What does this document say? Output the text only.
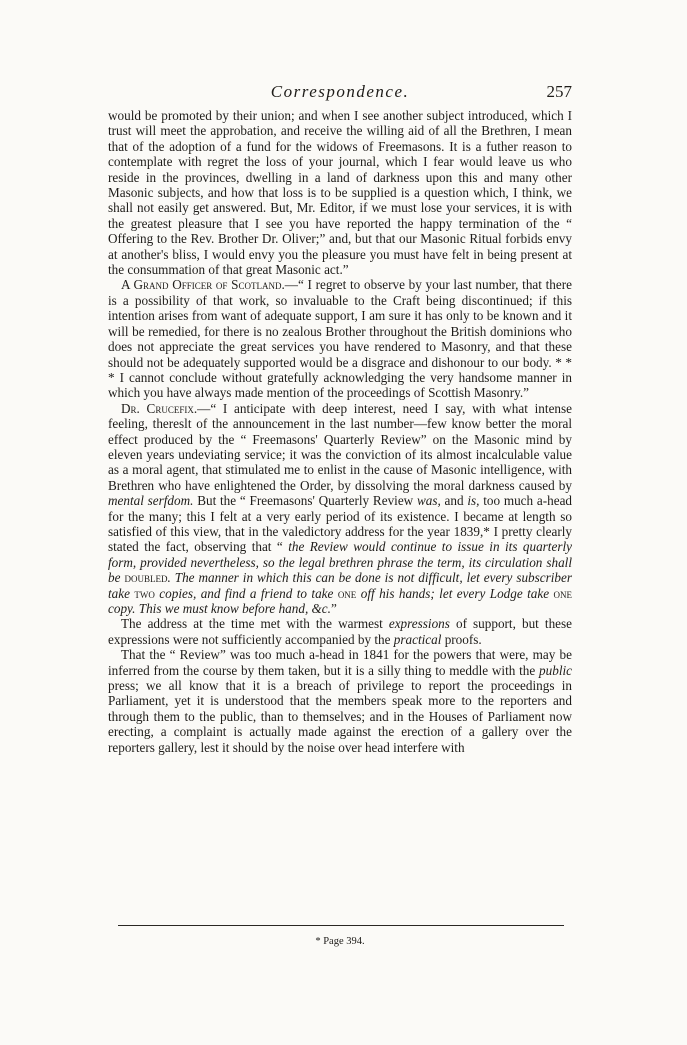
Correspondence.	257

would be promoted by their union; and when I see another subject introduced, which I trust will meet the approbation, and receive the willing aid of all the Brethren, I mean that of the adoption of a fund for the widows of Freemasons. It is a futher reason to contemplate with regret the loss of your journal, which I fear would leave us who reside in the provinces, dwelling in a land of darkness upon this and many other Masonic subjects, and how that loss is to be supplied is a question which, I think, we shall not easily get answered. But, Mr. Editor, if we must lose your services, it is with the greatest pleasure that I see you have reported the happy termination of the “ Offering to the Rev. Brother Dr. Oliver;” and, but that our Masonic Ritual forbids envy at another's bliss, I would envy you the pleasure you must have felt in being present at the consummation of that great Masonic act.”

A Grand Officer of Scotland.—“ I regret to observe by your last number, that there is a possibility of that work, so invaluable to the Craft being discontinued; if this intention arises from want of adequate support, I am sure it has only to be known and it will be remedied, for there is no zealous Brother throughout the British dominions who does not appreciate the great services you have rendered to Masonry, and that these should not be adequately supported would be a disgrace and dishonour to our body. * * * I cannot conclude without gratefully acknowledging the very handsome manner in which you have always made mention of the proceedings of Scottish Masonry.”

Dr. Crucefix.—“ I anticipate with deep interest, need I say, with what intense feeling, thereslt of the announcement in the last number—few know better the moral effect produced by the “ Freemasons' Quarterly Review” on the Masonic mind by eleven years undeviating service; it was the conviction of its almost incalculable value as a moral agent, that stimulated me to enlist in the cause of Masonic intelligence, with Brethren who have enlightened the Order, by dissolving the moral darkness caused by mental serfdom. But the “ Freemasons' Quarterly Review was, and is, too much a-head for the many; this I felt at a very early period of its existence. I became at length so satisfied of this view, that in the valedictory address for the year 1839,* I pretty clearly stated the fact, observing that “ the Review would continue to issue in its quarterly form, provided nevertheless, so the legal brethren phrase the term, its circulation shall be doubled. The manner in which this can be done is not difficult, let every subscriber take two copies, and find a friend to take one off his hands; let every Lodge take one copy. This we must know before hand, &c.”

The address at the time met with the warmest expressions of support, but these expressions were not sufficiently accompanied by the practical proofs.

That the “ Review” was too much a-head in 1841 for the powers that were, may be inferred from the course by them taken, but it is a silly thing to meddle with the public press; we all know that it is a breach of privilege to report the proceedings in Parliament, yet it is understood that the members speak more to the reporters and through them to the public, than to themselves; and in the Houses of Parliament now erecting, a complaint is actually made against the erection of a gallery over the reporters gallery, lest it should by the noise over head interfere with

* Page 394.
